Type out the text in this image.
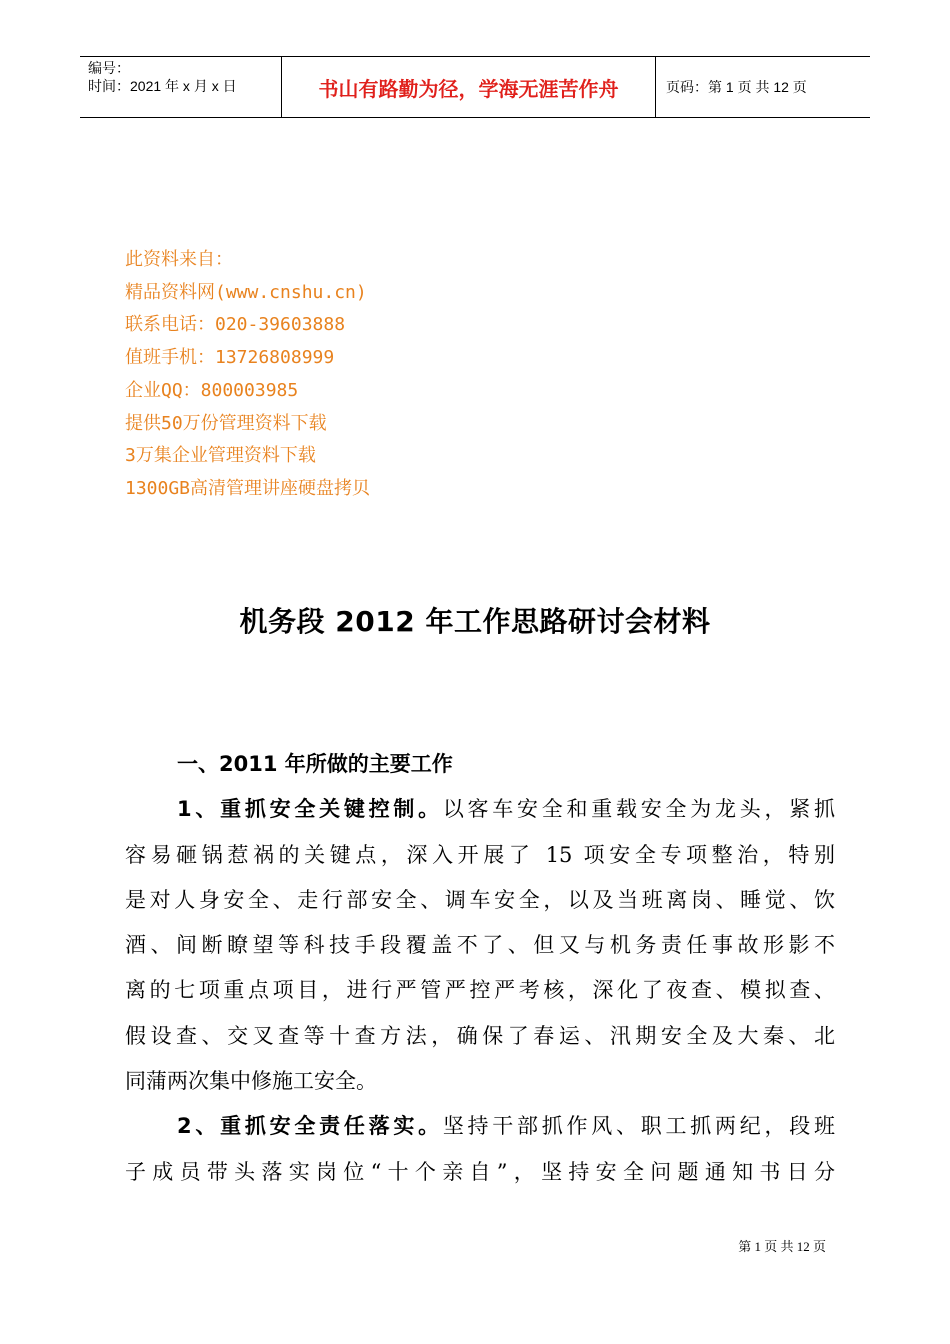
编号：
时间：2021 年 x 月 x 日	书山有路勤为径，学海无涯苦作舟	页码：第 1 页 共 12 页
此资料来自：
精品资料网(www.cnshu.cn)
联系电话：020-39603888
值班手机：13726808999
企业QQ：800003985
提供50万份管理资料下载
3万集企业管理资料下载
1300GB高清管理讲座硬盘拷贝
机务段 2012 年工作思路研讨会材料
一、2011 年所做的主要工作
1、重抓安全关键控制。以客车安全和重载安全为龙头，紧抓
容易砸锅惹祸的关键点，深入开展了 15 项安全专项整治，特别
是对人身安全、走行部安全、调车安全，以及当班离岗、睡觉、饮
酒、间断瞭望等科技手段覆盖不了、但又与机务责任事故形影不
离的七项重点项目，进行严管严控严考核，深化了夜查、模拟查、
假设查、交叉查等十查方法，确保了春运、汛期安全及大秦、北
同蒲两次集中修施工安全。
2、重抓安全责任落实。坚持干部抓作风、职工抓两纪，段班
子成员带头落实岗位“十个亲自”，坚持安全问题通知书日分
第 1 页 共 12 页
